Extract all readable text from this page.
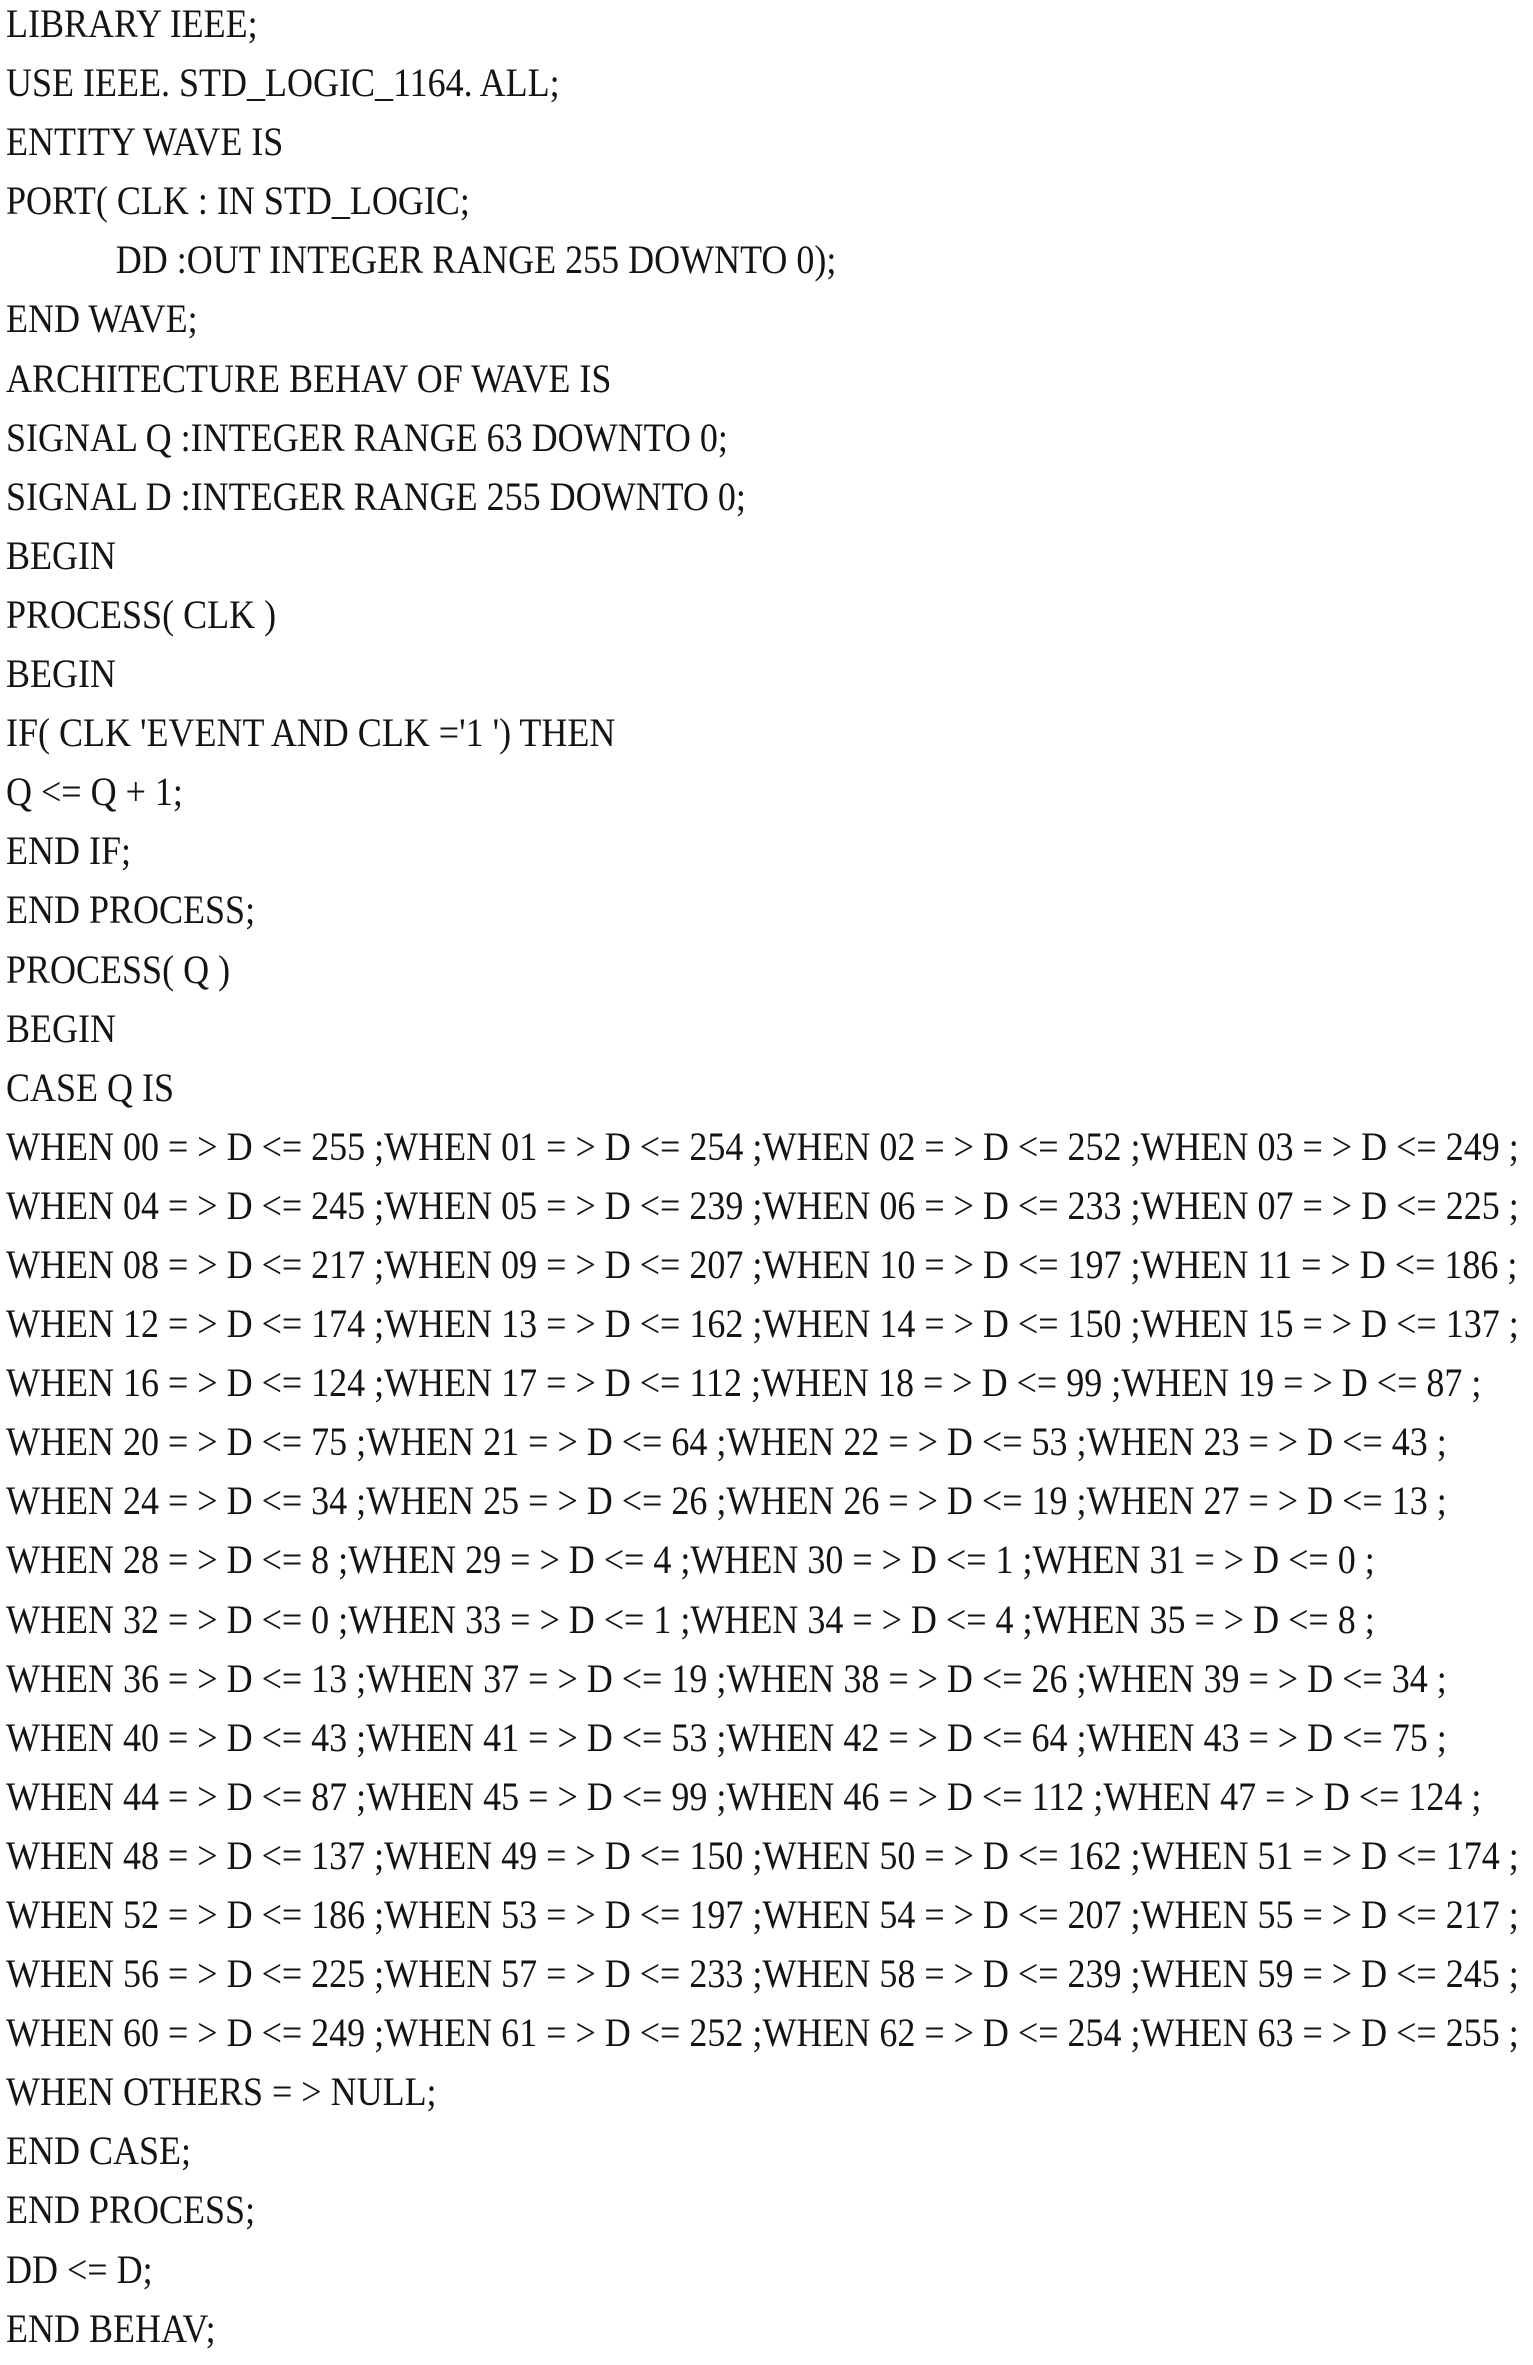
LIBRARY IEEE;
USE IEEE. STD_LOGIC_1164. ALL;
ENTITY WAVE IS
PORT( CLK : IN STD_LOGIC;
DD :OUT INTEGER RANGE 255 DOWNTO 0);
END WAVE;
ARCHITECTURE BEHAV OF WAVE IS
SIGNAL Q :INTEGER RANGE 63 DOWNTO 0;
SIGNAL D :INTEGER RANGE 255 DOWNTO 0;
BEGIN
PROCESS( CLK )
BEGIN
IF( CLK 'EVENT AND CLK ='1 ') THEN
Q <= Q + 1;
END IF;
END PROCESS;
PROCESS( Q )
BEGIN
CASE Q IS
WHEN 00 = > D <= 255 ;WHEN 01 = > D <= 254 ;WHEN 02 = > D <= 252 ;WHEN 03 = > D <= 249 ;
WHEN 04 = > D <= 245 ;WHEN 05 = > D <= 239 ;WHEN 06 = > D <= 233 ;WHEN 07 = > D <= 225 ;
WHEN 08 = > D <= 217 ;WHEN 09 = > D <= 207 ;WHEN 10 = > D <= 197 ;WHEN 11 = > D <= 186 ;
WHEN 12 = > D <= 174 ;WHEN 13 = > D <= 162 ;WHEN 14 = > D <= 150 ;WHEN 15 = > D <= 137 ;
WHEN 16 = > D <= 124 ;WHEN 17 = > D <= 112 ;WHEN 18 = > D <= 99 ;WHEN 19 = > D <= 87 ;
WHEN 20 = > D <= 75 ;WHEN 21 = > D <= 64 ;WHEN 22 = > D <= 53 ;WHEN 23 = > D <= 43 ;
WHEN 24 = > D <= 34 ;WHEN 25 = > D <= 26 ;WHEN 26 = > D <= 19 ;WHEN 27 = > D <= 13 ;
WHEN 28 = > D <= 8 ;WHEN 29 = > D <= 4 ;WHEN 30 = > D <= 1 ;WHEN 31 = > D <= 0 ;
WHEN 32 = > D <= 0 ;WHEN 33 = > D <= 1 ;WHEN 34 = > D <= 4 ;WHEN 35 = > D <= 8 ;
WHEN 36 = > D <= 13 ;WHEN 37 = > D <= 19 ;WHEN 38 = > D <= 26 ;WHEN 39 = > D <= 34 ;
WHEN 40 = > D <= 43 ;WHEN 41 = > D <= 53 ;WHEN 42 = > D <= 64 ;WHEN 43 = > D <= 75 ;
WHEN 44 = > D <= 87 ;WHEN 45 = > D <= 99 ;WHEN 46 = > D <= 112 ;WHEN 47 = > D <= 124 ;
WHEN 48 = > D <= 137 ;WHEN 49 = > D <= 150 ;WHEN 50 = > D <= 162 ;WHEN 51 = > D <= 174 ;
WHEN 52 = > D <= 186 ;WHEN 53 = > D <= 197 ;WHEN 54 = > D <= 207 ;WHEN 55 = > D <= 217 ;
WHEN 56 = > D <= 225 ;WHEN 57 = > D <= 233 ;WHEN 58 = > D <= 239 ;WHEN 59 = > D <= 245 ;
WHEN 60 = > D <= 249 ;WHEN 61 = > D <= 252 ;WHEN 62 = > D <= 254 ;WHEN 63 = > D <= 255 ;
WHEN OTHERS = > NULL;
END CASE;
END PROCESS;
DD <= D;
END BEHAV;
